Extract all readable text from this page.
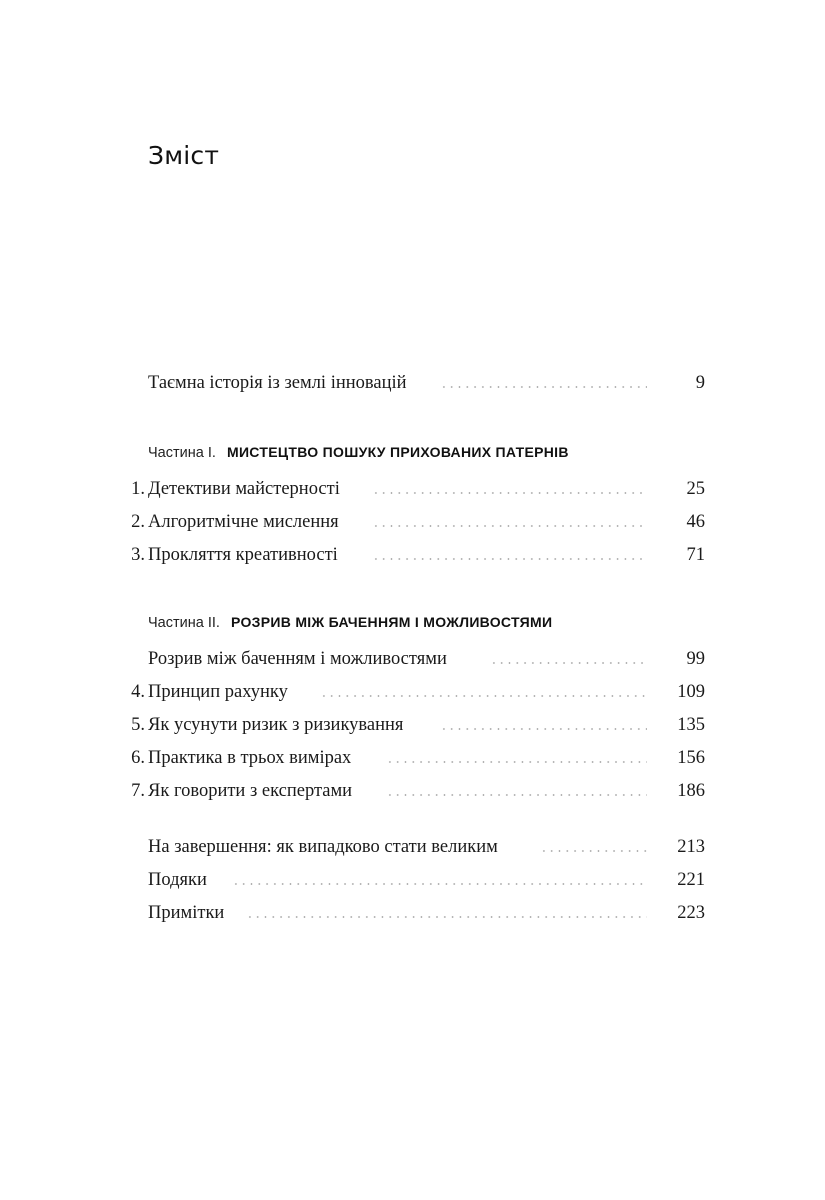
Зміст
Таємна історія із землі інновацій	9
Частина I. МИСТЕЦТВО ПОШУКУ ПРИХОВАНИХ ПАТЕРНІВ
1. Детективи майстерності	25
2. Алгоритмічне мислення	46
3. Прокляття креативності	71
Частина II. РОЗРИВ МІЖ БАЧЕННЯМ І МОЖЛИВОСТЯМИ
Розрив між баченням і можливостями	99
4. Принцип рахунку	109
5. Як усунути ризик з ризикування	135
6. Практика в трьох вимірах	156
7. Як говорити з експертами	186
На завершення: як випадково стати великим	213
Подяки	221
Примітки	223
